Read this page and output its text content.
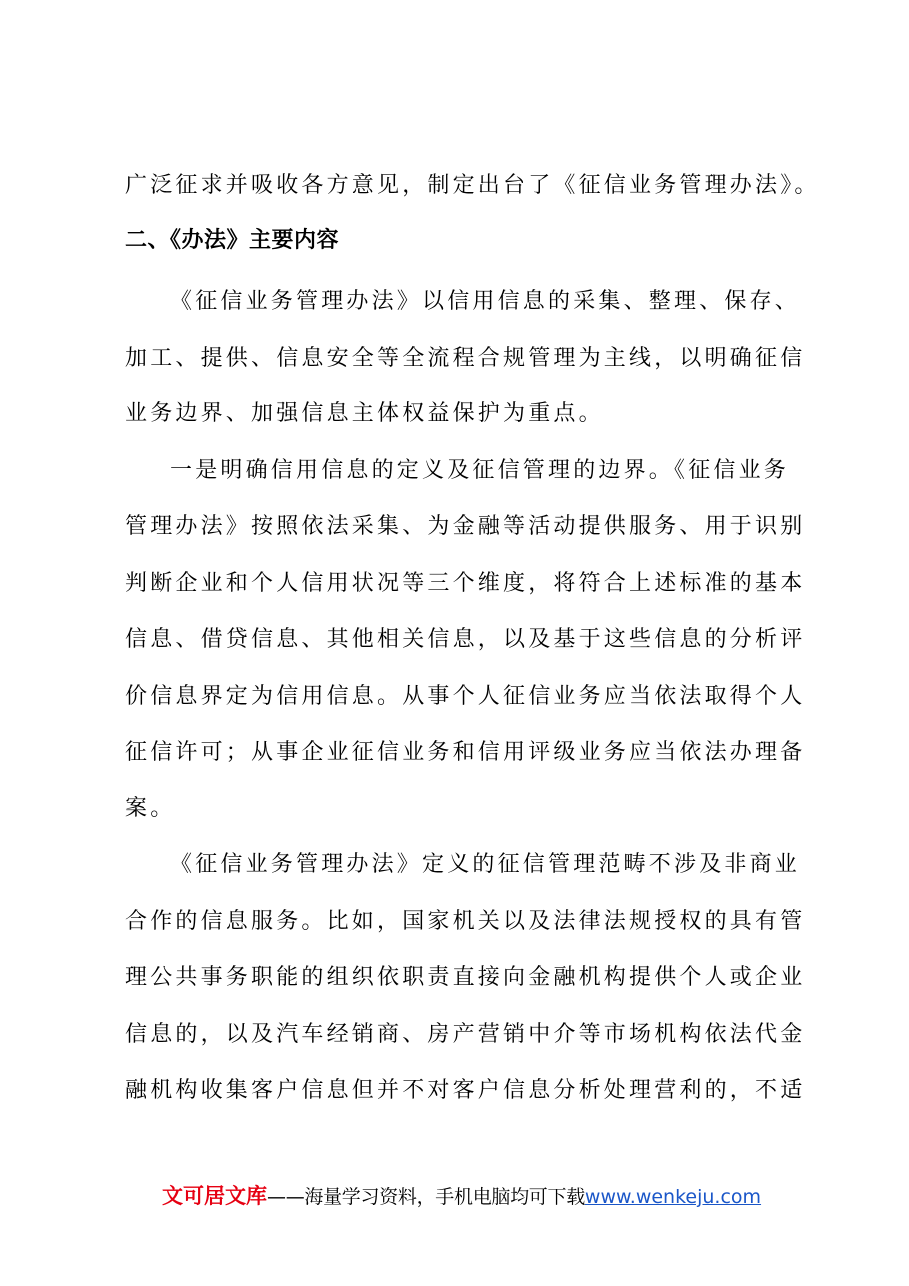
广泛征求并吸收各方意见，制定出台了《征信业务管理办法》。
二、《办法》主要内容
《征信业务管理办法》以信用信息的采集、整理、保存、
加工、提供、信息安全等全流程合规管理为主线，以明确征信
业务边界、加强信息主体权益保护为重点。
一是明确信用信息的定义及征信管理的边界。《征信业务
管理办法》按照依法采集、为金融等活动提供服务、用于识别
判断企业和个人信用状况等三个维度，将符合上述标准的基本
信息、借贷信息、其他相关信息，以及基于这些信息的分析评
价信息界定为信用信息。从事个人征信业务应当依法取得个人
征信许可；从事企业征信业务和信用评级业务应当依法办理备
案。
《征信业务管理办法》定义的征信管理范畴不涉及非商业
合作的信息服务。比如，国家机关以及法律法规授权的具有管
理公共事务职能的组织依职责直接向金融机构提供个人或企业
信息的，以及汽车经销商、房产营销中介等市场机构依法代金
融机构收集客户信息但并不对客户信息分析处理营利的，不适
文可居文库——海量学习资料，手机电脑均可下载www.wenkeju.com
